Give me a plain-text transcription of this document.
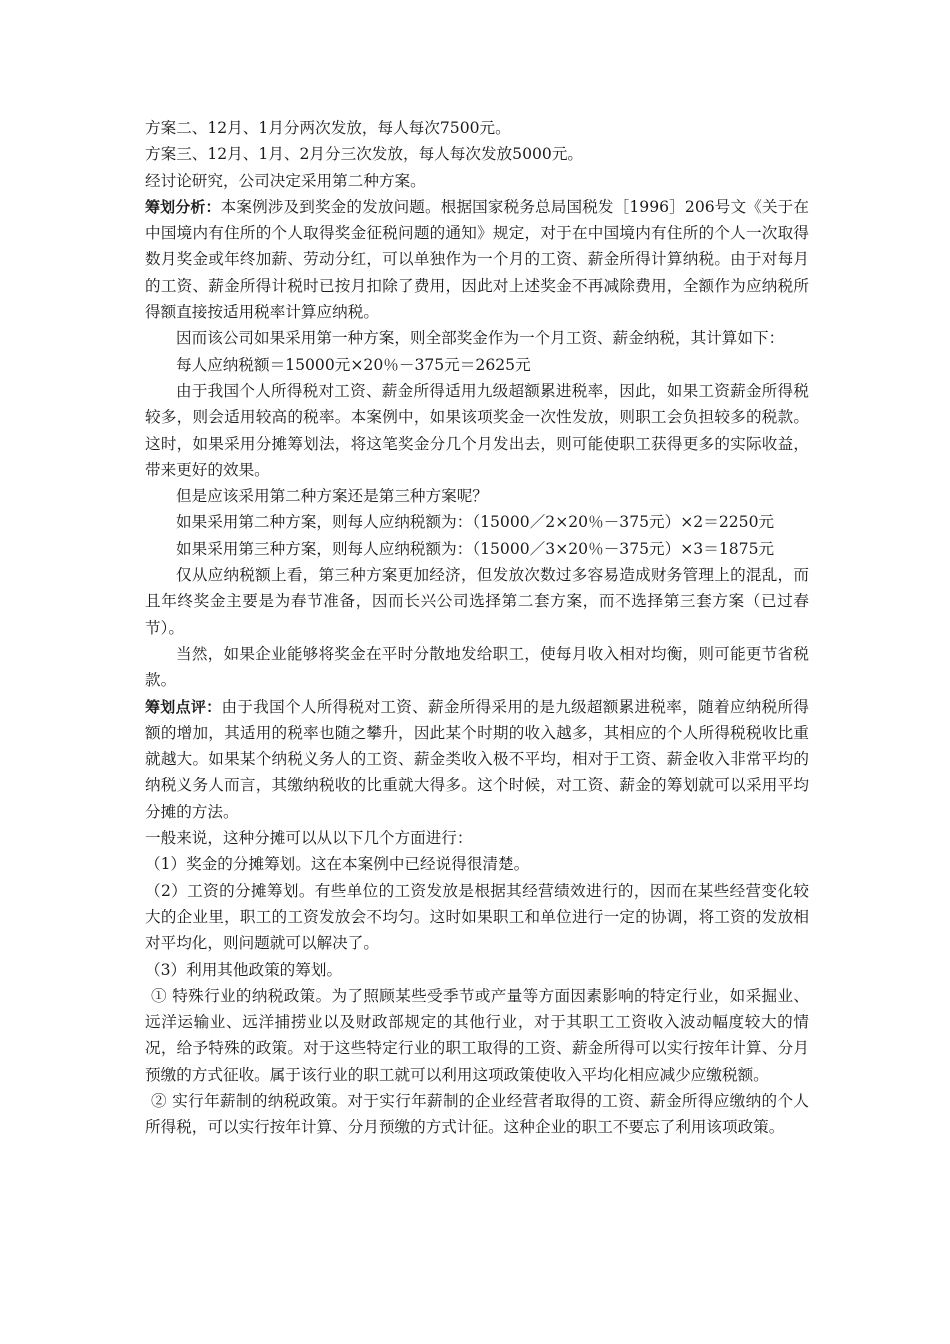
方案二、12月、1月分两次发放，每人每次7500元。

方案三、12月、1月、2月分三次发放，每人每次发放5000元。

经讨论研究，公司决定采用第二种方案。

筹划分析：本案例涉及到奖金的发放问题。根据国家税务总局国税发［1996］206号文《关于在中国境内有住所的个人取得奖金征税问题的通知》规定，对于在中国境内有住所的个人一次取得数月奖金或年终加薪、劳动分红，可以单独作为一个月的工资、薪金所得计算纳税。由于对每月的工资、薪金所得计税时已按月扣除了费用，因此对上述奖金不再减除费用，全额作为应纳税所得额直接按适用税率计算应纳税。

因而该公司如果采用第一种方案，则全部奖金作为一个月工资、薪金纳税，其计算如下：

每人应纳税额＝15000元×20％－375元＝2625元

由于我国个人所得税对工资、薪金所得适用九级超额累进税率，因此，如果工资薪金所得税较多，则会适用较高的税率。本案例中，如果该项奖金一次性发放，则职工会负担较多的税款。这时，如果采用分摊筹划法，将这笔奖金分几个月发出去，则可能使职工获得更多的实际收益，带来更好的效果。

但是应该采用第二种方案还是第三种方案呢？

如果采用第二种方案，则每人应纳税额为：（15000／2×20％－375元）×2＝2250元

如果采用第三种方案，则每人应纳税额为：（15000／3×20％－375元）×3＝1875元

仅从应纳税额上看，第三种方案更加经济，但发放次数过多容易造成财务管理上的混乱，而且年终奖金主要是为春节准备，因而长兴公司选择第二套方案，而不选择第三套方案（已过春节）。

当然，如果企业能够将奖金在平时分散地发给职工，使每月收入相对均衡，则可能更节省税款。

筹划点评：由于我国个人所得税对工资、薪金所得采用的是九级超额累进税率，随着应纳税所得额的增加，其适用的税率也随之攀升，因此某个时期的收入越多，其相应的个人所得税税收比重就越大。如果某个纳税义务人的工资、薪金类收入极不平均，相对于工资、薪金收入非常平均的纳税义务人而言，其缴纳税收的比重就大得多。这个时候，对工资、薪金的筹划就可以采用平均分摊的方法。

一般来说，这种分摊可以从以下几个方面进行：

（1）奖金的分摊筹划。这在本案例中已经说得很清楚。

（2）工资的分摊筹划。有些单位的工资发放是根据其经营绩效进行的，因而在某些经营变化较大的企业里，职工的工资发放会不均匀。这时如果职工和单位进行一定的协调，将工资的发放相对平均化，则问题就可以解决了。

（3）利用其他政策的筹划。

① 特殊行业的纳税政策。为了照顾某些受季节或产量等方面因素影响的特定行业，如采掘业、远洋运输业、远洋捕捞业以及财政部规定的其他行业，对于其职工工资收入波动幅度较大的情况，给予特殊的政策。对于这些特定行业的职工取得的工资、薪金所得可以实行按年计算、分月预缴的方式征收。属于该行业的职工就可以利用这项政策使收入平均化相应减少应缴税额。

② 实行年薪制的纳税政策。对于实行年薪制的企业经营者取得的工资、薪金所得应缴纳的个人所得税，可以实行按年计算、分月预缴的方式计征。这种企业的职工不要忘了利用该项政策。
